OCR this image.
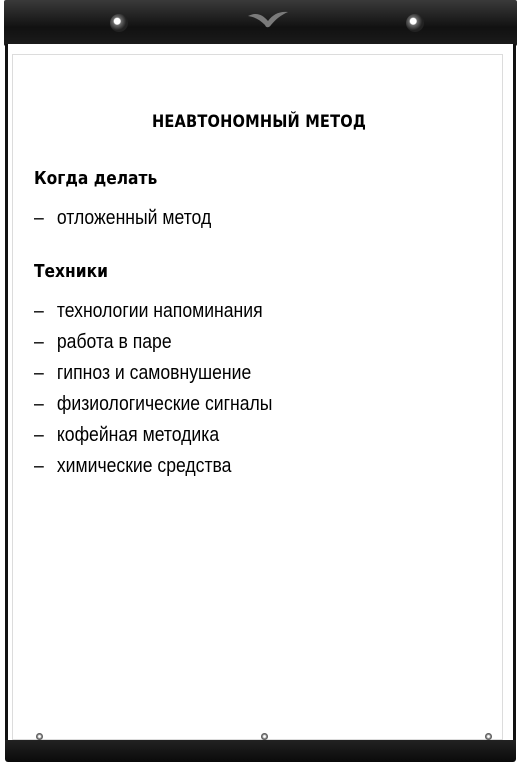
НЕАВТОНОМНЫЙ МЕТОД
Когда делать
– отложенный метод
Техники
– технологии напоминания
– работа в паре
– гипноз и самовнушение
– физиологические сигналы
– кофейная методика
– химические средства
